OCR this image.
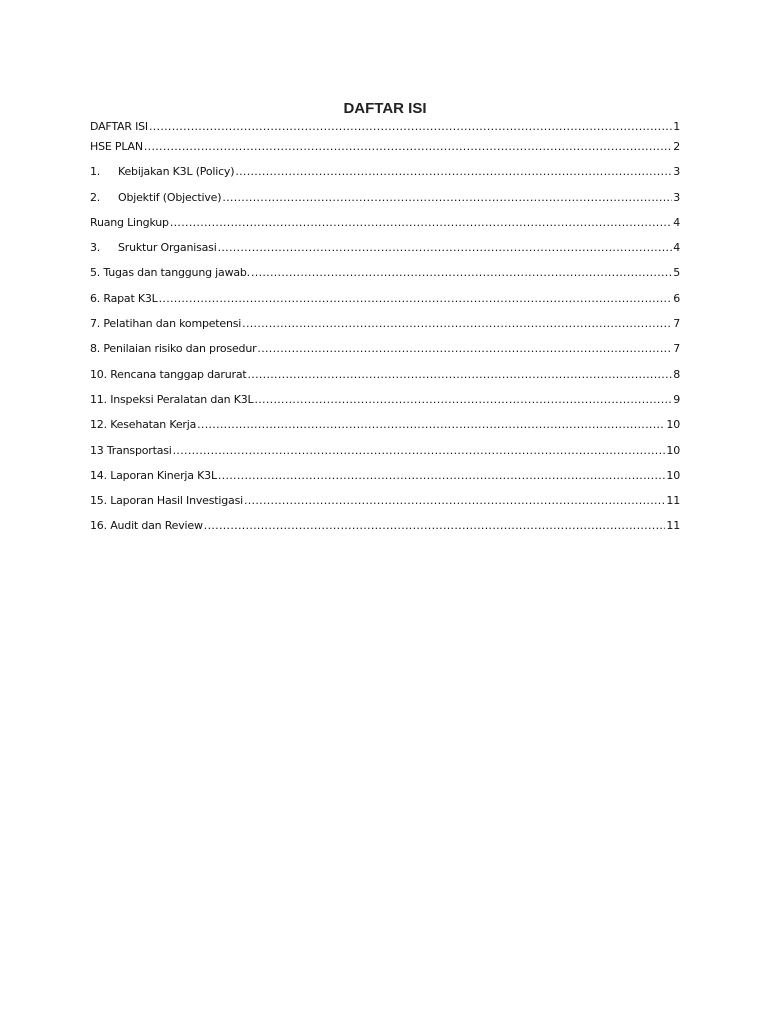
DAFTAR ISI
DAFTAR ISI .....	1
HSE PLAN .....	2
1.	Kebijakan K3L (Policy) .....	3
2.	Objektif (Objective) .....	3
Ruang Lingkup .....	4
3.	Sruktur Organisasi .....	4
5. Tugas dan tanggung jawab. .....	5
6. Rapat K3L .....	6
7. Pelatihan dan kompetensi .....	7
8. Penilaian risiko dan prosedur .....	7
10. Rencana tanggap darurat .....	8
11. Inspeksi Peralatan dan K3L .....	9
12. Kesehatan Kerja .....	10
13 Transportasi .....	10
14. Laporan Kinerja K3L .....	10
15. Laporan Hasil Investigasi .....	11
16. Audit dan Review .....	11
